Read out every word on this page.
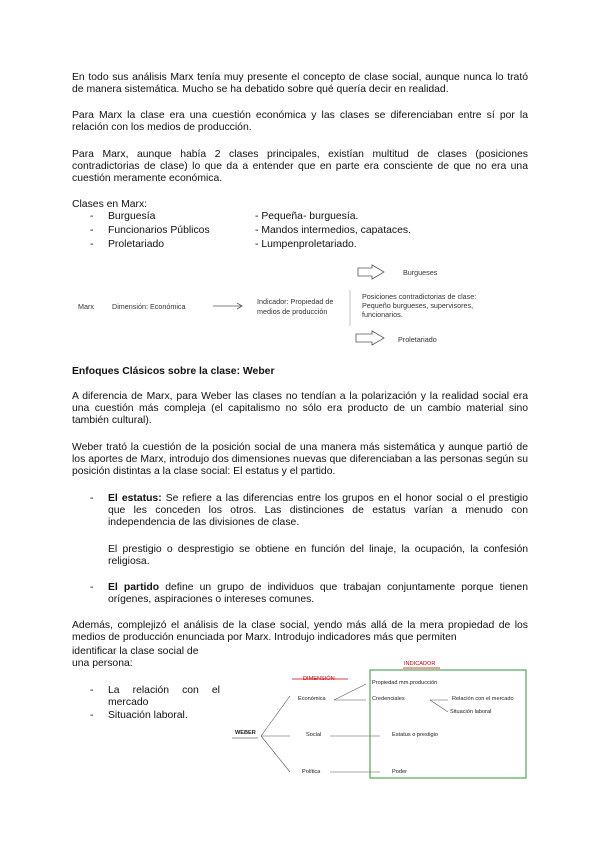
En todo sus análisis Marx tenía muy presente el concepto de clase social, aunque nunca lo trató de manera sistemática. Mucho se ha debatido sobre qué quería decir en realidad.

Para Marx la clase era una cuestión económica y las clases se diferenciaban entre sí por la relación con los medios de producción.

Para Marx, aunque había 2 clases principales, existían multitud de clases (posiciones contradictorias de clase) lo que da a entender que en parte era consciente de que no era una cuestión meramente económica.

Clases en Marx:
- Burguesía	- Pequeña- burguesía.
- Funcionarios Públicos	- Mandos intermedios, capataces.
- Proletariado	- Lumpenproletariado.
Marx	Dimensión: Económica
Indicador: Propiedad de
medios de producción
Burgueses
Posiciones contradictorias de clase:
Pequeño burgueses, supervisores,
funcionarios.
Proletariado
Enfoques Clásicos sobre la clase: Weber

A diferencia de Marx, para Weber las clases no tendían a la polarización y la realidad social era una cuestión más compleja (el capitalismo no sólo era producto de un cambio material sino también cultural).

Weber trató la cuestión de la posición social de una manera más sistemática y aunque partió de los aportes de Marx, introdujo dos dimensiones nuevas que diferenciaban a las personas según su posición distintas a la clase social: El estatus y el partido.

- El estatus: Se refiere a las diferencias entre los grupos en el honor social o el prestigio que les conceden los otros. Las distinciones de estatus varían a menudo con independencia de las divisiones de clase.

El prestigio o desprestigio se obtiene en función del linaje, la ocupación, la confesión religiosa.

- El partido define un grupo de individuos que trabajan conjuntamente porque tienen orígenes, aspiraciones o intereses comunes.

Además, complejizó el análisis de la clase social, yendo más allá de la mera propiedad de los medios de producción enunciada por Marx. Introdujo indicadores más que permiten

identificar la clase social de
una persona:
- La relación con el mercado

- Situación laboral.
INDICADOR
DIMENSIÓN
WEBER
Económica
Social
Política
Propiedad mm.producción
Credenciales	Relación con el mercado
Situación laboral
Estatus o prestigio
Poder
